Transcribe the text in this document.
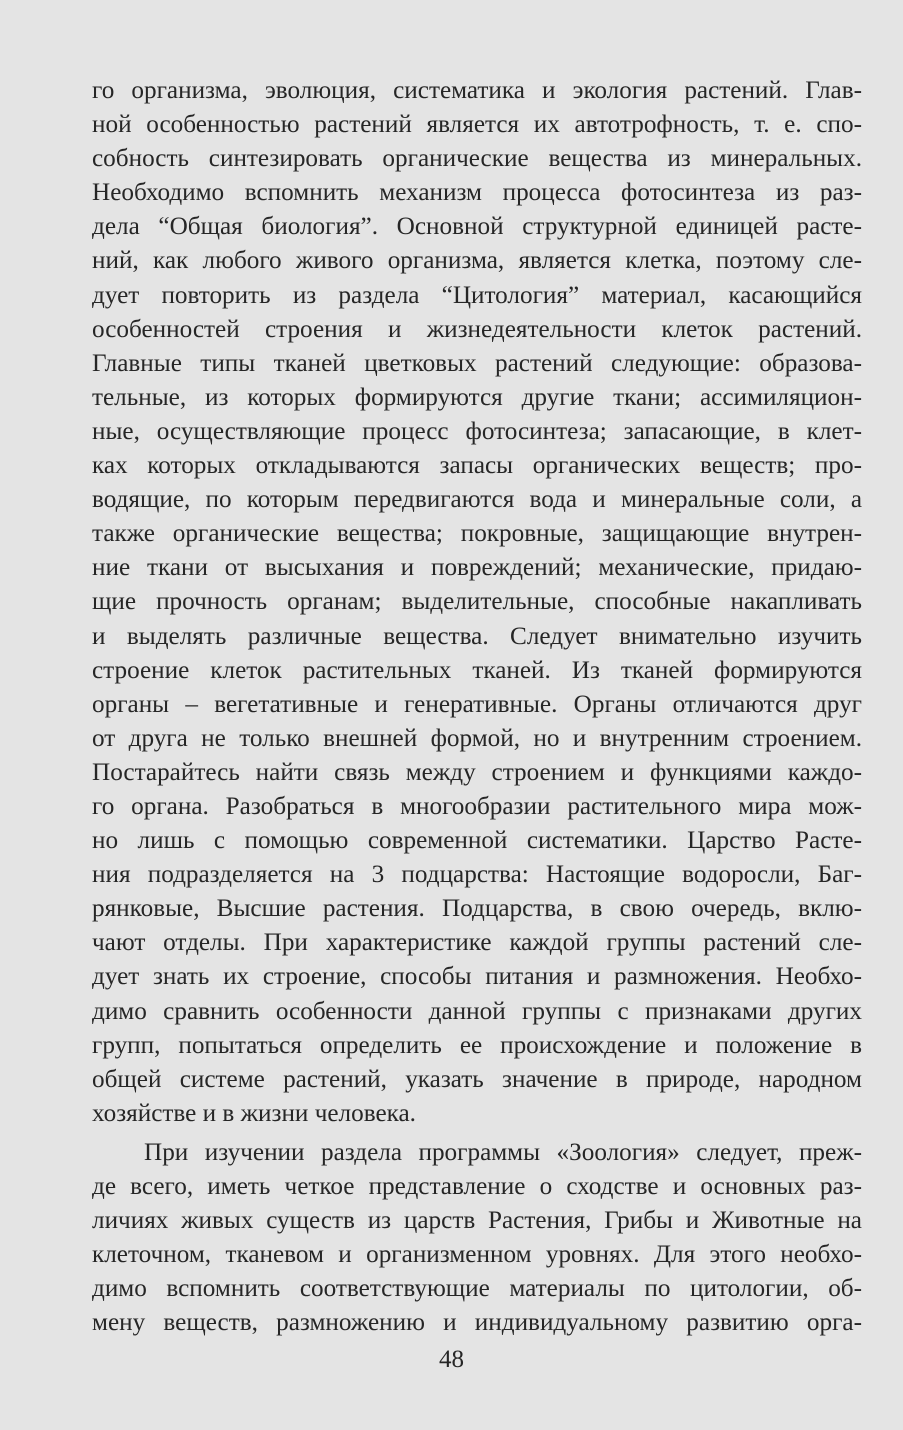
го организма, эволюция, систематика и экология растений. Глав-
ной особенностью растений является их автотрофность, т. е. спо-
собность синтезировать органические вещества из минеральных.
Необходимо вспомнить механизм процесса фотосинтеза из раз-
дела “Общая биология”. Основной структурной единицей расте-
ний, как любого живого организма, является клетка, поэтому сле-
дует повторить из раздела “Цитология” материал, касающийся
особенностей строения и жизнедеятельности клеток растений.
Главные типы тканей цветковых растений следующие: образова-
тельные, из которых формируются другие ткани; ассимиляцион-
ные, осуществляющие процесс фотосинтеза; запасающие, в клет-
ках которых откладываются запасы органических веществ; про-
водящие, по которым передвигаются вода и минеральные соли, а
также органические вещества; покровные, защищающие внутрен-
ние ткани от высыхания и повреждений; механические, придаю-
щие прочность органам; выделительные, способные накапливать
и выделять различные вещества. Следует внимательно изучить
строение клеток растительных тканей. Из тканей формируются
органы – вегетативные и генеративные. Органы отличаются друг
от друга не только внешней формой, но и внутренним строением.
Постарайтесь найти связь между строением и функциями каждо-
го органа. Разобраться в многообразии растительного мира мож-
но лишь с помощью современной систематики. Царство Расте-
ния подразделяется на 3 подцарства: Настоящие водоросли, Баг-
рянковые, Высшие растения. Подцарства, в свою очередь, вклю-
чают отделы. При характеристике каждой группы растений сле-
дует знать их строение, способы питания и размножения. Необхо-
димо сравнить особенности данной группы с признаками других
групп, попытаться определить ее происхождение и положение в
общей системе растений, указать значение в природе, народном
хозяйстве и в жизни человека.
При изучении раздела программы «Зоология» следует, преж-
де всего, иметь четкое представление о сходстве и основных раз-
личиях живых существ из царств Растения, Грибы и Животные на
клеточном, тканевом и организменном уровнях. Для этого необхо-
димо вспомнить соответствующие материалы по цитологии, об-
мену веществ, размножению и индивидуальному развитию орга-
48
